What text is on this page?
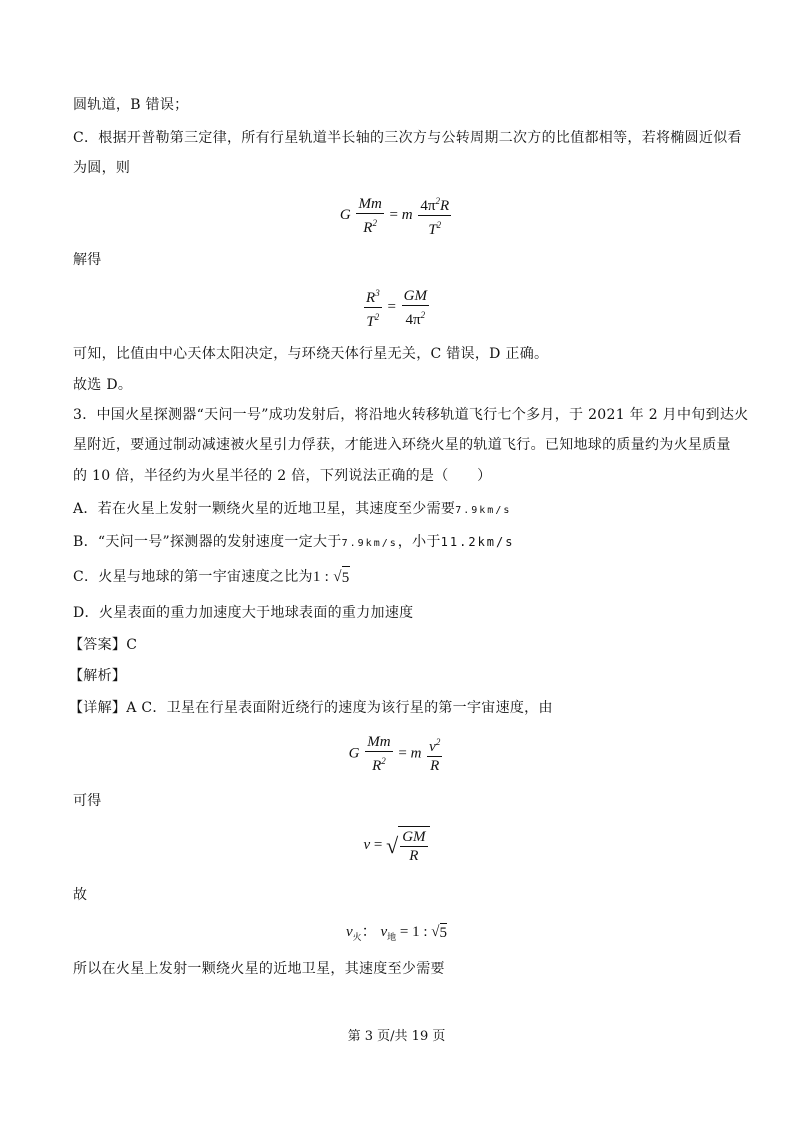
圆轨道，B 错误；
C．根据开普勒第三定律，所有行星轨道半长轴的三次方与公转周期二次方的比值都相等，若将椭圆近似看
为圆，则
G $\frac{Mm}{R^2} = m \frac{4\pi^2R}{T^2}$
解得
$\frac{R^3}{T^2} = \frac{GM}{4\pi^2}$
可知，比值由中心天体太阳决定，与环绕天体行星无关，C 错误，D 正确。
故选 D。
3．中国火星探测器“天问一号”成功发射后，将沿地火转移轨道飞行七个多月，于 2021 年 2 月中旬到达火
星附近，要通过制动减速被火星引力俘获，才能进入环绕火星的轨道飞行。已知地球的质量约为火星质量
的 10 倍，半径约为火星半径的 2 倍，下列说法正确的是（　　）
A．若在火星上发射一颗绕火星的近地卫星，其速度至少需要7.9km/s
B．“天问一号”探测器的发射速度一定大于7.9km/s，小于11.2km/s
C．火星与地球的第一宇宙速度之比为1 : √5
D．火星表面的重力加速度大于地球表面的重力加速度
【答案】C
【解析】
【详解】A C．卫星在行星表面附近绕行的速度为该行星的第一宇宙速度，由
G $\frac{Mm}{R^2} = m \frac{v^2}{R}$
可得
v = √ $\frac{GM}{R}$
故
$v_火$： $v_地 = 1$ : √5
所以在火星上发射一颗绕火星的近地卫星，其速度至少需要
第 3 页/共 19 页
